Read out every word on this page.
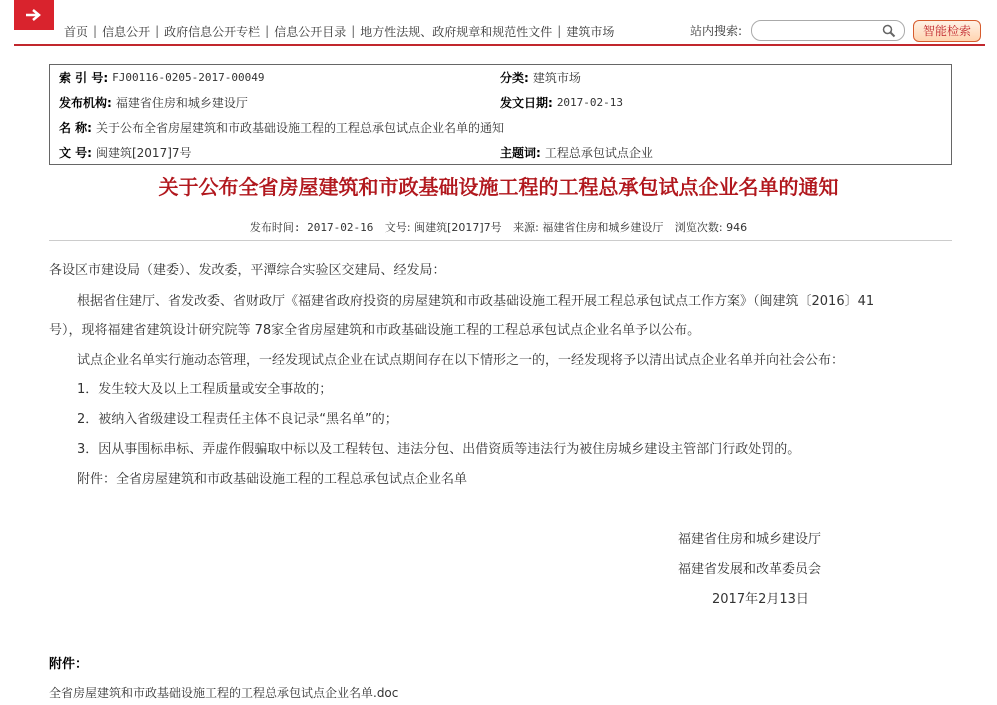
首页 | 信息公开 | 政府信息公开专栏 | 信息公开目录 | 地方性法规、政府规章和规范性文件 | 建筑市场	站内搜索:	智能检索
索 引 号: FJ00116-0205-2017-00049	分类: 建筑市场
发布机构: 福建省住房和城乡建设厅	发文日期: 2017-02-13
名 称: 关于公布全省房屋建筑和市政基础设施工程的工程总承包试点企业名单的通知
文 号: 闽建筑[2017]7号	主题词: 工程总承包试点企业
关于公布全省房屋建筑和市政基础设施工程的工程总承包试点企业名单的通知
发布时间: 2017-02-16 文号: 闽建筑[2017]7号 来源: 福建省住房和城乡建设厅 浏览次数: 946
各设区市建设局（建委）、发改委，平潭综合实验区交建局、经发局：
根据省住建厅、省发改委、省财政厅《福建省政府投资的房屋建筑和市政基础设施工程开展工程总承包试点工作方案》（闽建筑〔2016〕41
号），现将福建省建筑设计研究院等 78家全省房屋建筑和市政基础设施工程的工程总承包试点企业名单予以公布。
试点企业名单实行施动态管理，一经发现试点企业在试点期间存在以下情形之一的，一经发现将予以清出试点企业名单并向社会公布：
1．发生较大及以上工程质量或安全事故的；
2．被纳入省级建设工程责任主体不良记录“黑名单”的；
3．因从事围标串标、弄虚作假骗取中标以及工程转包、违法分包、出借资质等违法行为被住房城乡建设主管部门行政处罚的。
附件：全省房屋建筑和市政基础设施工程的工程总承包试点企业名单
福建省住房和城乡建设厅
福建省发展和改革委员会
2017年2月13日
附件：
全省房屋建筑和市政基础设施工程的工程总承包试点企业名单.doc
